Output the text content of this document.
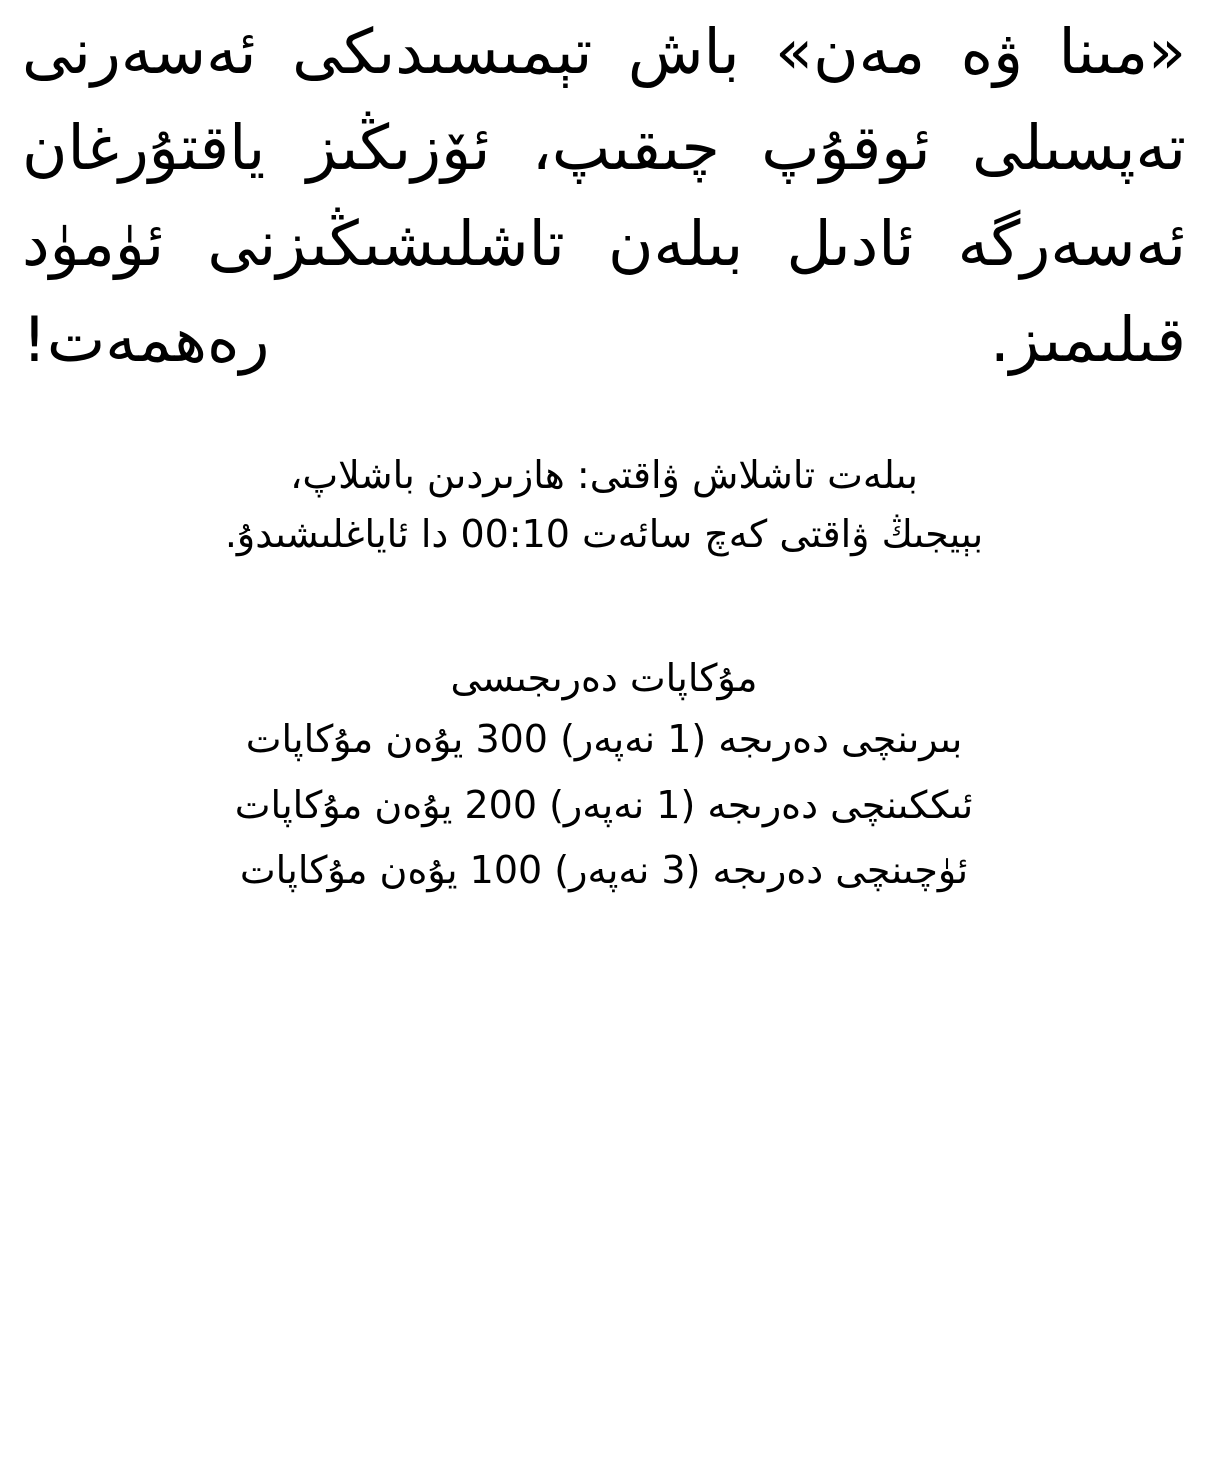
«مىنا ۋە مەن» باش تېمىسىدىكى ئەسەرنى تەپسىلى ئوقۇپ چىقىپ، ئۆزىڭىز ياقتۇرغان ئەسەرگە ئادىل بىلەن تاشلىشىڭىزنى ئۈمۈد قىلىمىز. رەھمەت!

بىلەت تاشلاش ۋاقتى: ھازىردىن باشلاپ،
بېيجىڭ ۋاقتى كەچ سائەت 00:10 دا ئاياغلىشىدۇ.
مۇكاپات دەرىجىسى
بىرىنچى دەرىجە (1 نەپەر) 300 يۇەن مۇكاپات
ئىككىنچى دەرىجە (1 نەپەر) 200 يۇەن مۇكاپات
ئۈچىنچى دەرىجە (3 نەپەر) 100 يۇەن مۇكاپات
